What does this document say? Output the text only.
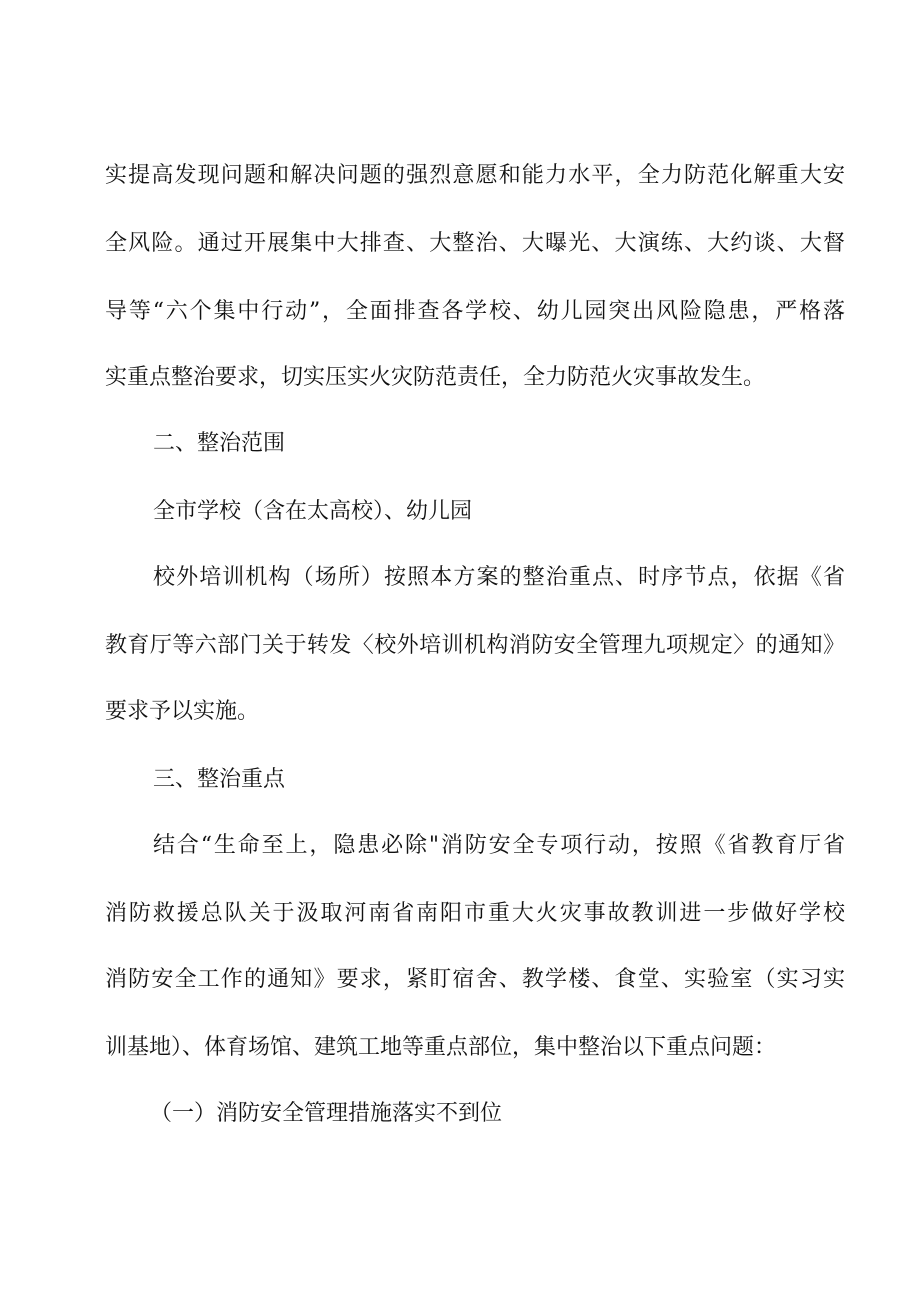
实提高发现问题和解决问题的强烈意愿和能力水平，全力防范化解重大安
全风险。通过开展集中大排查、大整治、大曝光、大演练、大约谈、大督
导等“六个集中行动”，全面排查各学校、幼儿园突出风险隐患，严格落
实重点整治要求，切实压实火灾防范责任，全力防范火灾事故发生。
二、整治范围
全市学校（含在太高校）、幼儿园
校外培训机构（场所）按照本方案的整治重点、时序节点，依据《省
教育厅等六部门关于转发〈校外培训机构消防安全管理九项规定〉的通知》
要求予以实施。
三、整治重点
结合“生命至上，隐患必除"消防安全专项行动，按照《省教育厅省
消防救援总队关于汲取河南省南阳市重大火灾事故教训进一步做好学校
消防安全工作的通知》要求，紧盯宿舍、教学楼、食堂、实验室（实习实
训基地）、体育场馆、建筑工地等重点部位，集中整治以下重点问题：
（一）消防安全管理措施落实不到位
